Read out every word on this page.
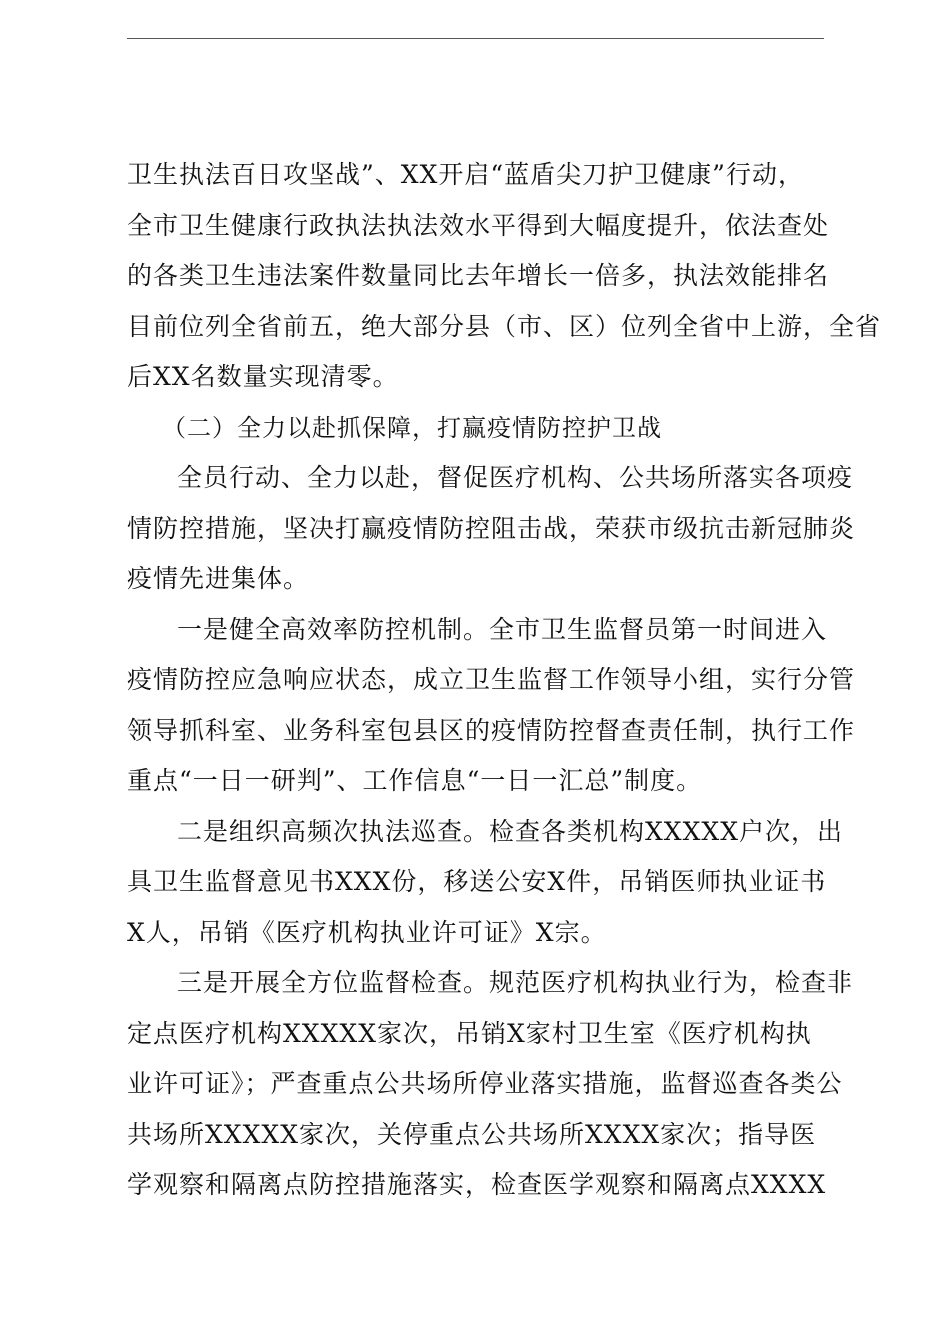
卫生执法百日攻坚战”、XX开启“蓝盾尖刀护卫健康”行动，
全市卫生健康行政执法执法效水平得到大幅度提升，依法查处
的各类卫生违法案件数量同比去年增长一倍多，执法效能排名
目前位列全省前五，绝大部分县（市、区）位列全省中上游，全省
后XX名数量实现清零。

（二）全力以赴抓保障，打赢疫情防控护卫战

全员行动、全力以赴，督促医疗机构、公共场所落实各项疫
情防控措施，坚决打赢疫情防控阻击战，荣获市级抗击新冠肺炎
疫情先进集体。

一是健全高效率防控机制。全市卫生监督员第一时间进入
疫情防控应急响应状态，成立卫生监督工作领导小组，实行分管
领导抓科室、业务科室包县区的疫情防控督查责任制，执行工作
重点“一日一研判”、工作信息“一日一汇总”制度。

二是组织高频次执法巡查。检查各类机构XXXXX户次，出
具卫生监督意见书XXX份，移送公安X件，吊销医师执业证书
X人，吊销《医疗机构执业许可证》X宗。

三是开展全方位监督检查。规范医疗机构执业行为，检查非
定点医疗机构XXXXX家次，吊销X家村卫生室《医疗机构执
业许可证》；严查重点公共场所停业落实措施，监督巡查各类公
共场所XXXXX家次，关停重点公共场所XXXX家次；指导医
学观察和隔离点防控措施落实，检查医学观察和隔离点XXXX
